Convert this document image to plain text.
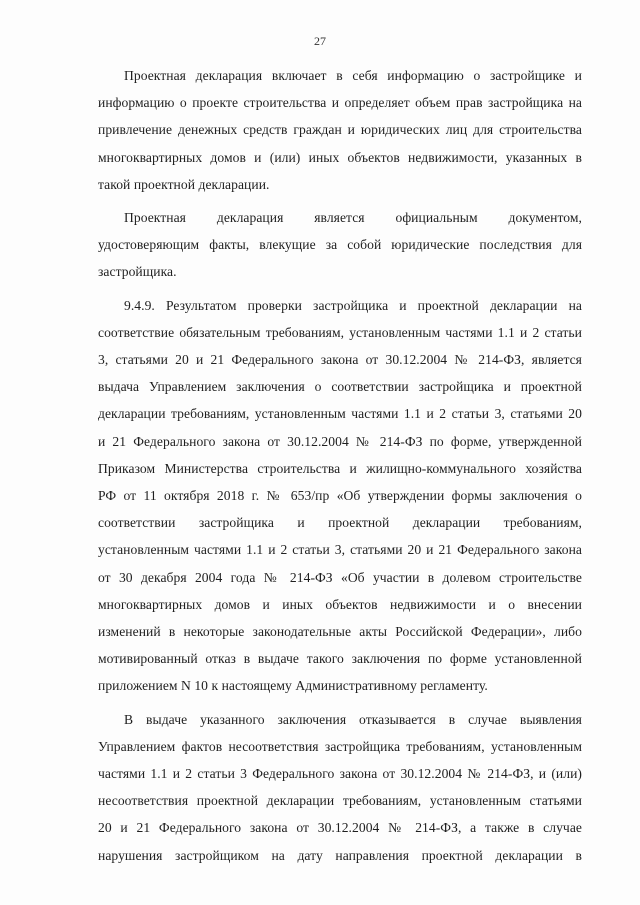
27
Проектная декларация включает в себя информацию о застройщике и
информацию о проекте строительства и определяет объем прав застройщика на
привлечение денежных средств граждан и юридических лиц для строительства
многоквартирных домов и (или) иных объектов недвижимости, указанных в
такой проектной декларации.
Проектная декларация является официальным документом,
удостоверяющим факты, влекущие за собой юридические последствия для
застройщика.
9.4.9. Результатом проверки застройщика и проектной декларации на
соответствие обязательным требованиям, установленным частями 1.1 и 2 статьи
3, статьями 20 и 21 Федерального закона от 30.12.2004 № 214-ФЗ, является
выдача Управлением заключения о соответствии застройщика и проектной
декларации требованиям, установленным частями 1.1 и 2 статьи 3, статьями 20
и 21 Федерального закона от 30.12.2004 № 214-ФЗ по форме, утвержденной
Приказом Министерства строительства и жилищно-коммунального хозяйства
РФ от 11 октября 2018 г. № 653/пр «Об утверждении формы заключения о
соответствии застройщика и проектной декларации требованиям,
установленным частями 1.1 и 2 статьи 3, статьями 20 и 21 Федерального закона
от 30 декабря 2004 года № 214-ФЗ «Об участии в долевом строительстве
многоквартирных домов и иных объектов недвижимости и о внесении
изменений в некоторые законодательные акты Российской Федерации», либо
мотивированный отказ в выдаче такого заключения по форме установленной
приложением N 10 к настоящему Административному регламенту.
В выдаче указанного заключения отказывается в случае выявления
Управлением фактов несоответствия застройщика требованиям, установленным
частями 1.1 и 2 статьи 3 Федерального закона от 30.12.2004 № 214-ФЗ, и (или)
несоответствия проектной декларации требованиям, установленным статьями
20 и 21 Федерального закона от 30.12.2004 № 214-ФЗ, а также в случае
нарушения застройщиком на дату направления проектной декларации в
